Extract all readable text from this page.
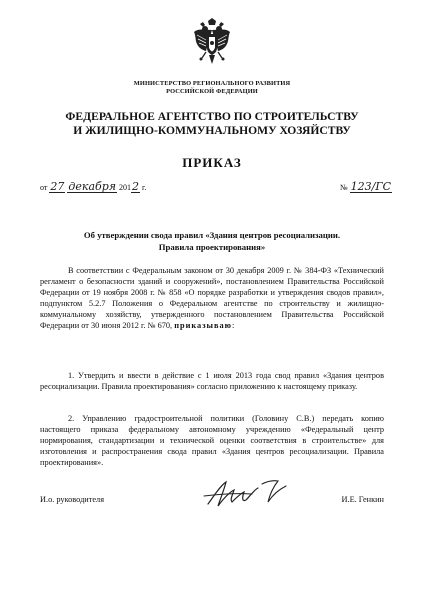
МИНИСТЕРСТВО РЕГИОНАЛЬНОГО РАЗВИТИЯ
РОССИЙСКОЙ ФЕДЕРАЦИИ
ФЕДЕРАЛЬНОЕ АГЕНТСТВО ПО СТРОИТЕЛЬСТВУ
И ЖИЛИЩНО-КОММУНАЛЬНОМУ ХОЗЯЙСТВУ
ПРИКАЗ
от 27 декабря 2012 г.	№ 123/ГС
Об утверждении свода правил «Здания центров ресоциализации.
Правила проектирования»
В соответствии с Федеральным законом от 30 декабря 2009 г. № 384-ФЗ «Технический регламент о безопасности зданий и сооружений», постановлением Правительства Российской Федерации от 19 ноября 2008 г. № 858 «О порядке разработки и утверждения сводов правил», подпунктом 5.2.7 Положения о Федеральном агентстве по строительству и жилищно-коммунальному хозяйству, утвержденного постановлением Правительства Российской Федерации от 30 июня 2012 г. № 670, приказываю:
1. Утвердить и ввести в действие с 1 июля 2013 года свод правил «Здания центров ресоциализации. Правила проектирования» согласно приложению к настоящему приказу.
2. Управлению градостроительной политики (Головину С.В.) передать копию настоящего приказа федеральному автономному учреждению «Федеральный центр нормирования, стандартизации и технической оценки соответствия в строительстве» для изготовления и распространения свода правил «Здания центров ресоциализации. Правила проектирования».
И.о. руководителя	И.Е. Генкин
